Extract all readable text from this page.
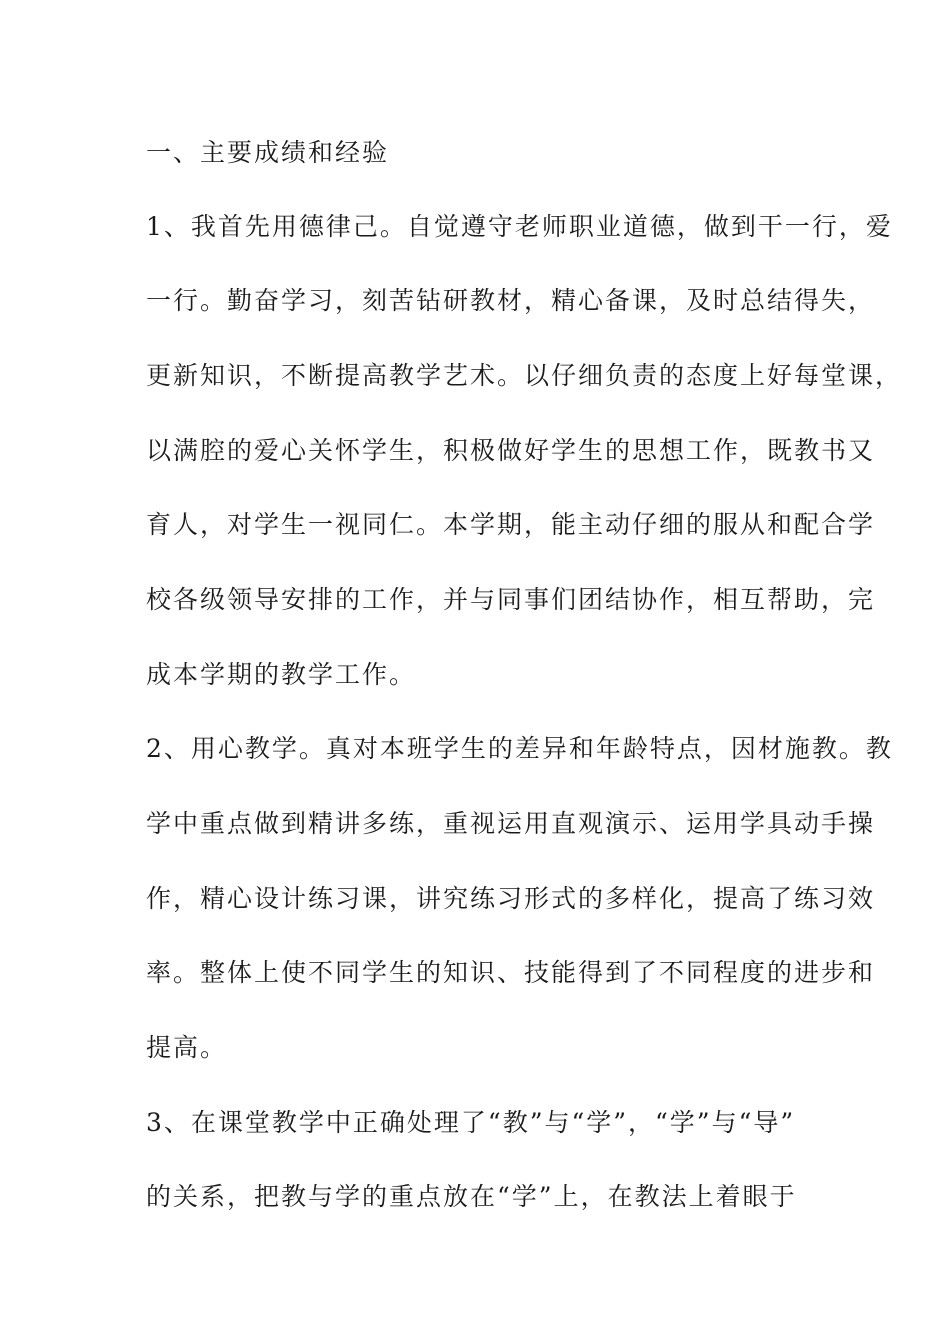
一、主要成绩和经验
1、我首先用德律己。自觉遵守老师职业道德，做到干一行，爱
一行。勤奋学习，刻苦钻研教材，精心备课，及时总结得失，
更新知识，不断提高教学艺术。以仔细负责的态度上好每堂课，
以满腔的爱心关怀学生，积极做好学生的思想工作，既教书又
育人，对学生一视同仁。本学期，能主动仔细的服从和配合学
校各级领导安排的工作，并与同事们团结协作，相互帮助，完
成本学期的教学工作。
2、用心教学。真对本班学生的差异和年龄特点，因材施教。教
学中重点做到精讲多练，重视运用直观演示、运用学具动手操
作，精心设计练习课，讲究练习形式的多样化，提高了练习效
率。整体上使不同学生的知识、技能得到了不同程度的进步和
提高。
3、在课堂教学中正确处理了“教”与“学”，“学”与“导”
的关系，把教与学的重点放在“学”上，在教法上着眼于
